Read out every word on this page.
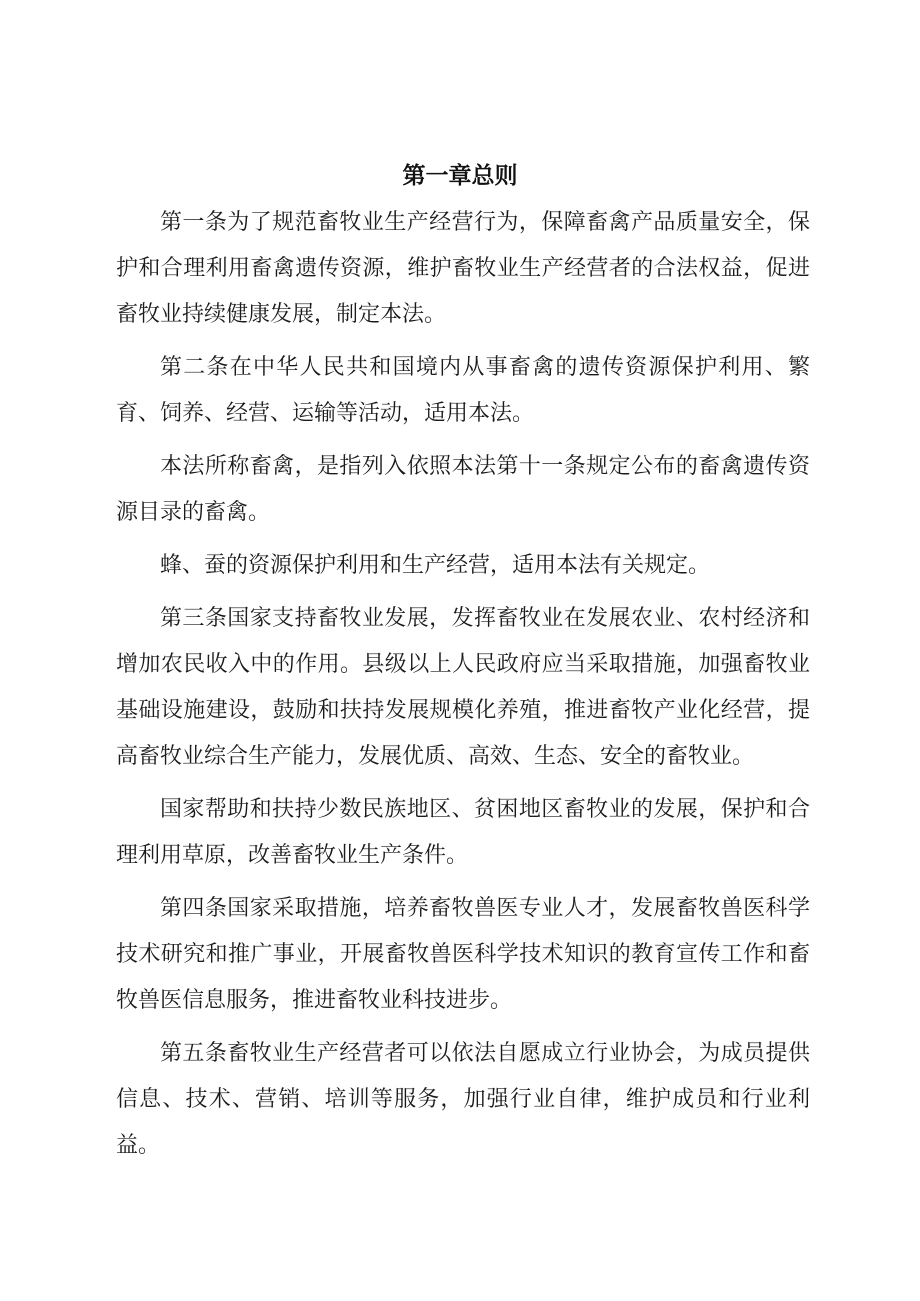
第一章总则

第一条为了规范畜牧业生产经营行为，保障畜禽产品质量安全，保护和合理利用畜禽遗传资源，维护畜牧业生产经营者的合法权益，促进畜牧业持续健康发展，制定本法。

第二条在中华人民共和国境内从事畜禽的遗传资源保护利用、繁育、饲养、经营、运输等活动，适用本法。

本法所称畜禽，是指列入依照本法第十一条规定公布的畜禽遗传资源目录的畜禽。

蜂、蚕的资源保护利用和生产经营，适用本法有关规定。

第三条国家支持畜牧业发展，发挥畜牧业在发展农业、农村经济和增加农民收入中的作用。县级以上人民政府应当采取措施，加强畜牧业基础设施建设，鼓励和扶持发展规模化养殖，推进畜牧产业化经营，提高畜牧业综合生产能力，发展优质、高效、生态、安全的畜牧业。

国家帮助和扶持少数民族地区、贫困地区畜牧业的发展，保护和合理利用草原，改善畜牧业生产条件。

第四条国家采取措施，培养畜牧兽医专业人才，发展畜牧兽医科学技术研究和推广事业，开展畜牧兽医科学技术知识的教育宣传工作和畜牧兽医信息服务，推进畜牧业科技进步。

第五条畜牧业生产经营者可以依法自愿成立行业协会，为成员提供信息、技术、营销、培训等服务，加强行业自律，维护成员和行业利益。
